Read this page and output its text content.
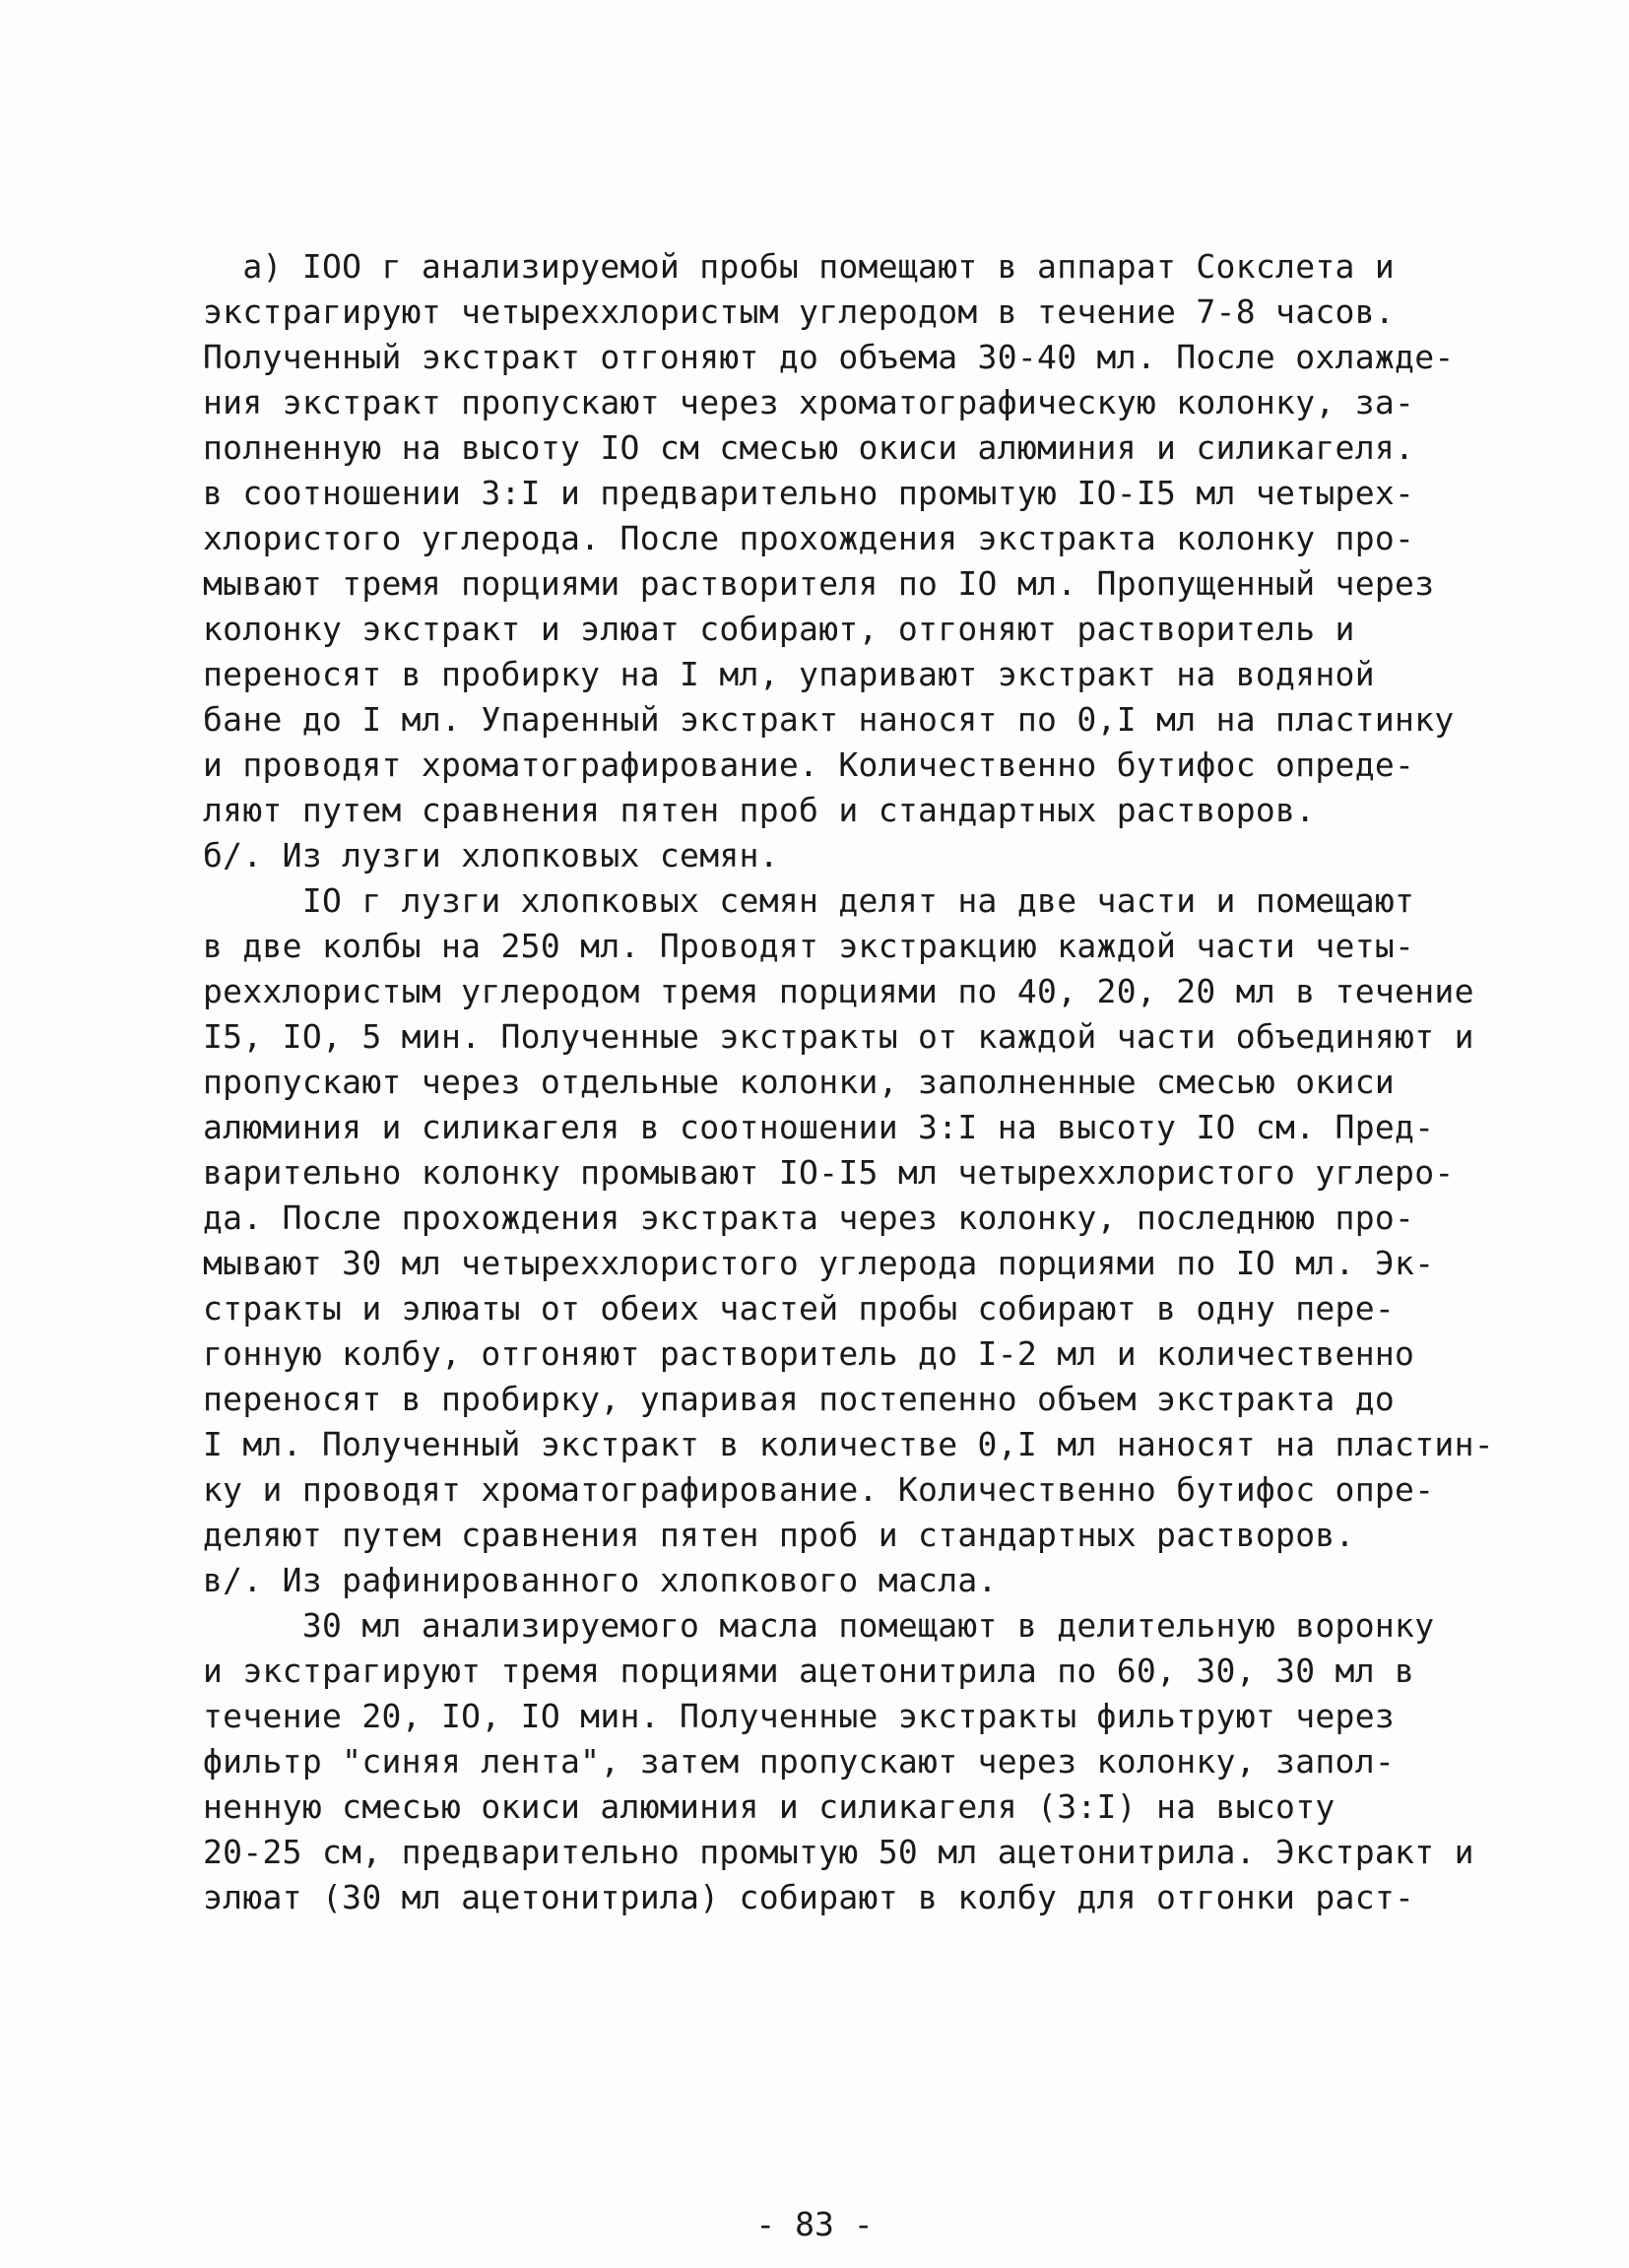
а) IOO г анализируемой пробы помещают в аппарат Сокслета и
экстрагируют четыреххлористым углеродом в течение 7-8 часов.
Полученный экстракт отгоняют до объема 30-40 мл. После охлажде-
ния экстракт пропускают через хроматографическую колонку, за-
полненную на высоту IO см смесью окиси алюминия и силикагеля.
в соотношении 3:I и предварительно промытую IO-I5 мл четырех-
хлористого углерода. После прохождения экстракта колонку про-
мывают тремя порциями растворителя по IO мл. Пропущенный через
колонку экстракт и элюат собирают, отгоняют растворитель и
переносят в пробирку на I мл, упаривают экстракт на водяной
бане до I мл. Упаренный экстракт наносят по 0,I мл на пластинку
и проводят хроматографирование. Количественно бутифос опреде-
ляют путем сравнения пятен проб и стандартных растворов.
б/. Из лузги хлопковых семян.
IO г лузги хлопковых семян делят на две части и помещают
в две колбы на 250 мл. Проводят экстракцию каждой части четы-
реххлористым углеродом тремя порциями по 40, 20, 20 мл в течение
I5, IO, 5 мин. Полученные экстракты от каждой части объединяют и
пропускают через отдельные колонки, заполненные смесью окиси
алюминия и силикагеля в соотношении 3:I на высоту IO см. Пред-
варительно колонку промывают IO-I5 мл четыреххлористого углеро-
да. После прохождения экстракта через колонку, последнюю про-
мывают 30 мл четыреххлористого углерода порциями по IO мл. Эк-
стракты и элюаты от обеих частей пробы собирают в одну пере-
гонную колбу, отгоняют растворитель до I-2 мл и количественно
переносят в пробирку, упаривая постепенно объем экстракта до
I мл. Полученный экстракт в количестве 0,I мл наносят на пластин-
ку и проводят хроматографирование. Количественно бутифос опре-
деляют путем сравнения пятен проб и стандартных растворов.
в/. Из рафинированного хлопкового масла.
30 мл анализируемого масла помещают в делительную воронку
и экстрагируют тремя порциями ацетонитрила по 60, 30, 30 мл в
течение 20, IO, IO мин. Полученные экстракты фильтруют через
фильтр "синяя лента", затем пропускают через колонку, запол-
ненную смесью окиси алюминия и силикагеля (3:I) на высоту
20-25 см, предварительно промытую 50 мл ацетонитрила. Экстракт и
элюат (30 мл ацетонитрила) собирают в колбу для отгонки раст-
- 83 -
